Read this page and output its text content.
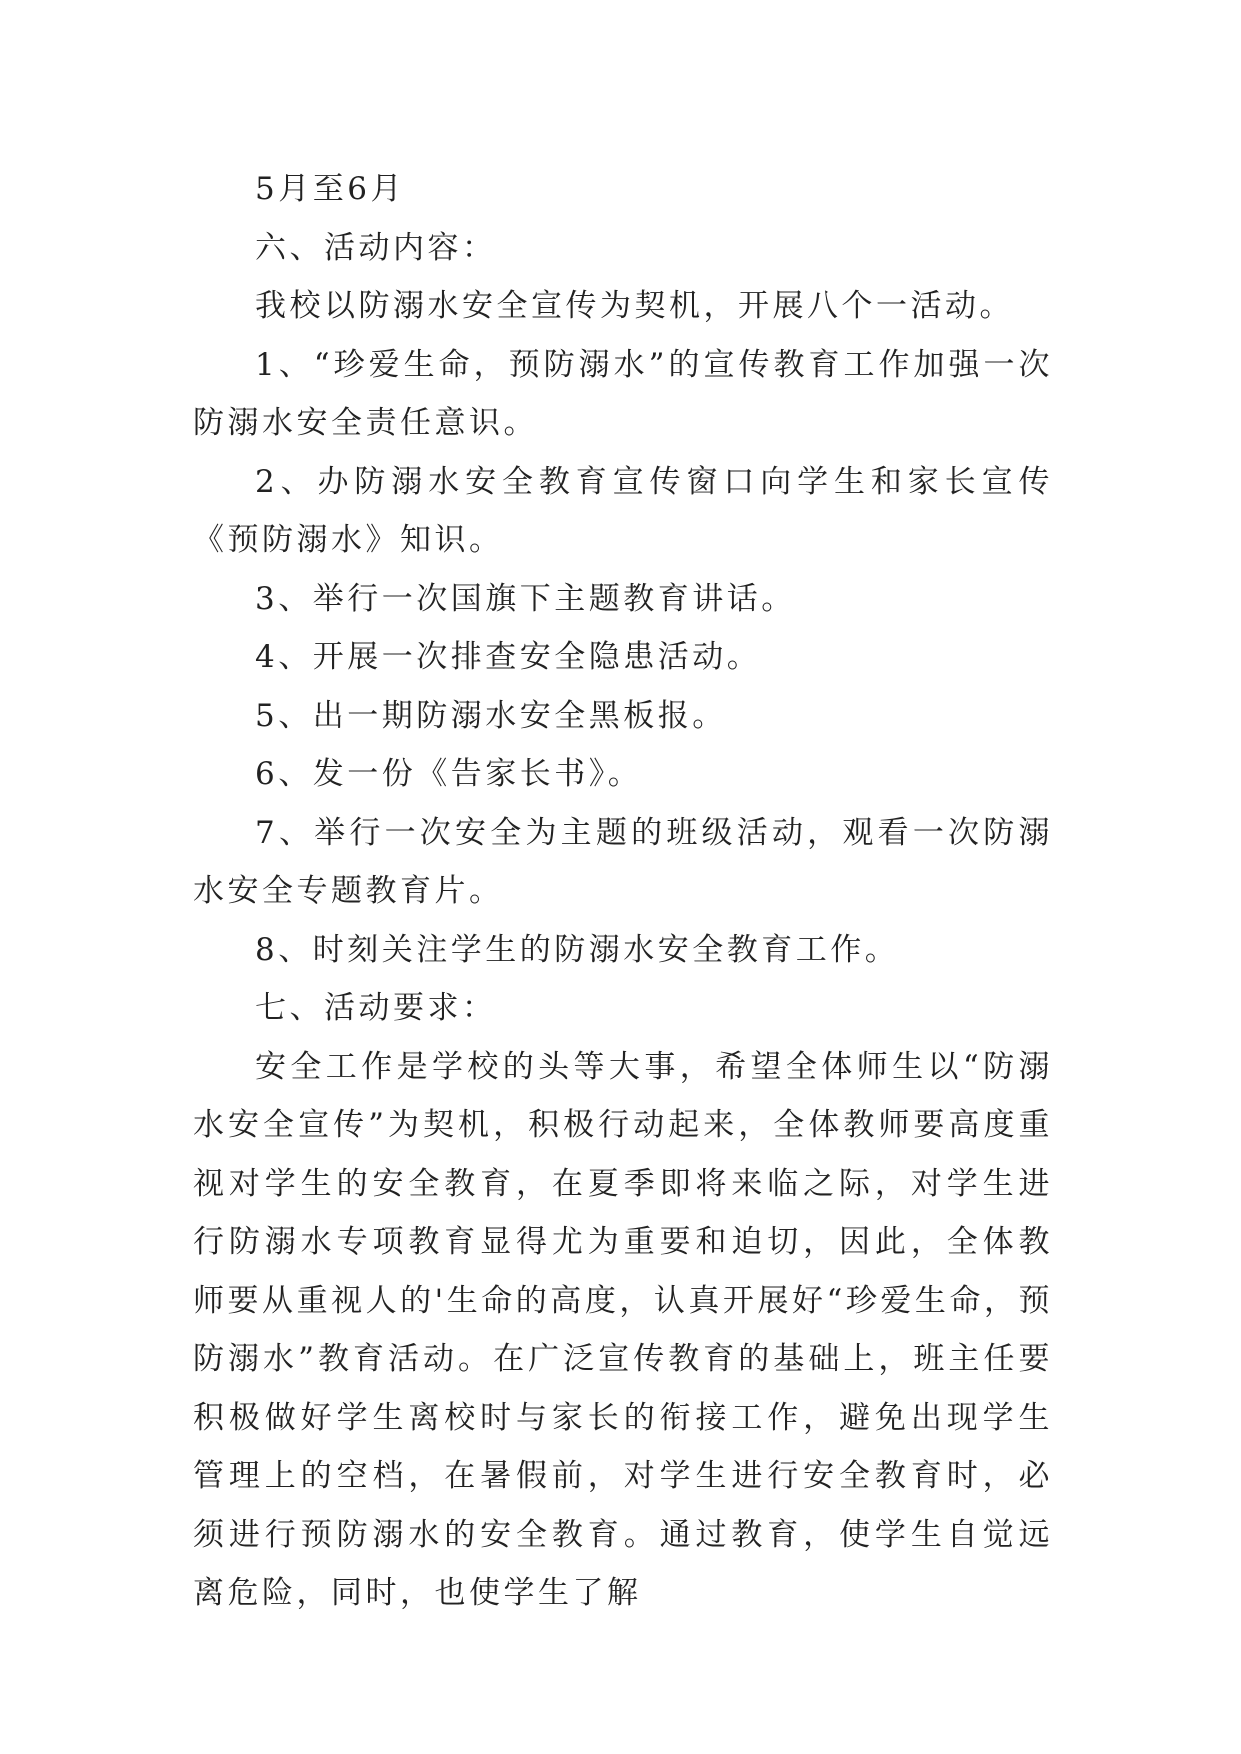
5月至6月

六、活动内容：

我校以防溺水安全宣传为契机，开展八个一活动。

1、“珍爱生命，预防溺水”的宣传教育工作加强一次防溺水安全责任意识。

2、办防溺水安全教育宣传窗口向学生和家长宣传《预防溺水》知识。

3、举行一次国旗下主题教育讲话。

4、开展一次排查安全隐患活动。

5、出一期防溺水安全黑板报。

6、发一份《告家长书》。

7、举行一次安全为主题的班级活动，观看一次防溺水安全专题教育片。

8、时刻关注学生的防溺水安全教育工作。

七、活动要求：

安全工作是学校的头等大事，希望全体师生以“防溺水安全宣传”为契机，积极行动起来，全体教师要高度重视对学生的安全教育，在夏季即将来临之际，对学生进行防溺水专项教育显得尤为重要和迫切，因此，全体教师要从重视人的'生命的高度，认真开展好“珍爱生命，预防溺水”教育活动。在广泛宣传教育的基础上，班主任要积极做好学生离校时与家长的衔接工作，避免出现学生管理上的空档，在暑假前，对学生进行安全教育时，必须进行预防溺水的安全教育。通过教育，使学生自觉远离危险，同时，也使学生了解
